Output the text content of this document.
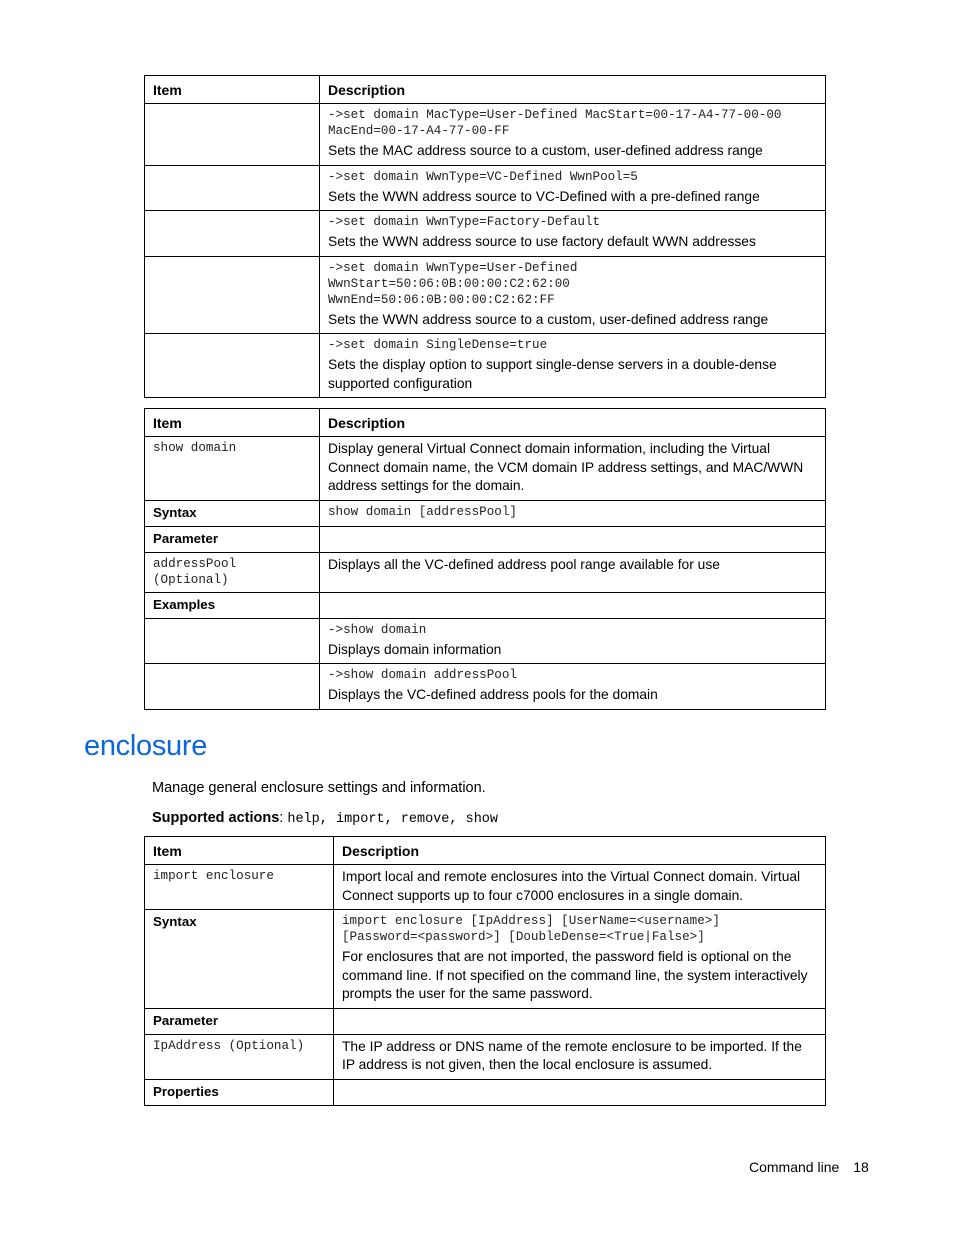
Item	Description

	->set domain MacType=User-Defined MacStart=00-17-A4-77-00-00 MacEnd=00-17-A4-77-00-FF
Sets the MAC address source to a custom, user-defined address range

	->set domain WwnType=VC-Defined WwnPool=5
Sets the WWN address source to VC-Defined with a pre-defined range

	->set domain WwnType=Factory-Default
Sets the WWN address source to use factory default WWN addresses

	->set domain WwnType=User-Defined
WwnStart=50:06:0B:00:00:C2:62:00
WwnEnd=50:06:0B:00:00:C2:62:FF
Sets the WWN address source to a custom, user-defined address range

	->set domain SingleDense=true
Sets the display option to support single-dense servers in a double-dense supported configuration
Item	Description

show domain	Display general Virtual Connect domain information, including the Virtual Connect domain name, the VCM domain IP address settings, and MAC/WWN address settings for the domain.

Syntax	show domain [addressPool]

Parameter	

addressPool
(Optional)	Displays all the VC-defined address pool range available for use

Examples	

	->show domain
Displays domain information

	->show domain addressPool
Displays the VC-defined address pools for the domain
enclosure
Manage general enclosure settings and information.
Supported actions: help, import, remove, show
Item	Description

import enclosure	Import local and remote enclosures into the Virtual Connect domain. Virtual Connect supports up to four c7000 enclosures in a single domain.

Syntax	import enclosure [IpAddress] [UserName=<username>]
[Password=<password>] [DoubleDense=<True|False>]
For enclosures that are not imported, the password field is optional on the command line. If not specified on the command line, the system interactively prompts the user for the same password.

Parameter	

IpAddress (Optional)	The IP address or DNS name of the remote enclosure to be imported. If the IP address is not given, then the local enclosure is assumed.

Properties	

Command line 18
